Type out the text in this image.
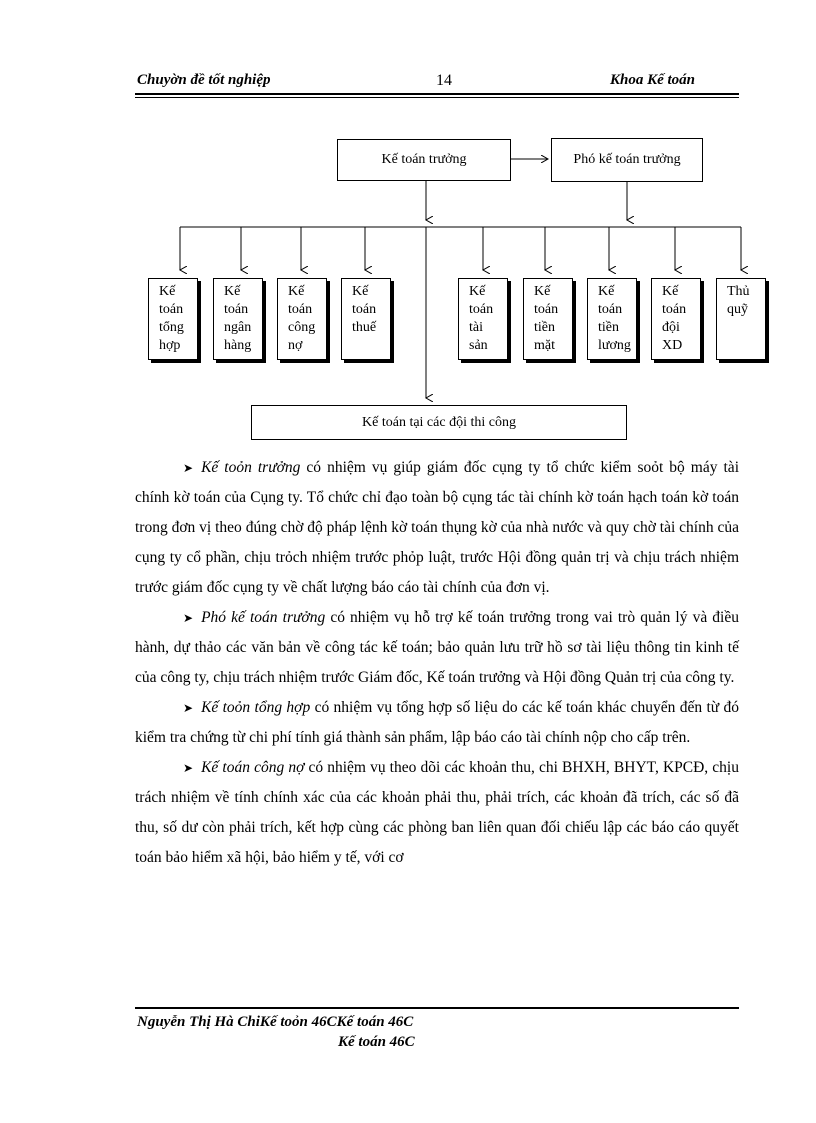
Chuyờn đề tốt nghiệp	14	Khoa Kế toán
Kế toán trưởng	Phó kế toán trưởng
Kế
toán
tổng
hợp
Kế
toán
ngân
hàng
Kế
toán
công
nợ
Kế
toán
thuế
Kế
toán
tài
sản
Kế
toán
tiền
mặt
Kế
toán
tiền
lương
Kế
toán
đội
XD
Thủ
quỹ
Kế toán tại các đội thi công

➤ Kế toỏn trưởng có nhiệm vụ giúp giám đốc cụng ty tổ chức kiểm soỏt bộ máy tài chính kờ toán của Cụng ty. Tổ chức chỉ đạo toàn bộ cụng tác tài chính kờ toán hạch toán kờ toán trong đơn vị theo đúng chờ độ pháp lệnh kờ toán thụng kờ của nhà nước và quy chờ tài chính của cụng ty cổ phần, chịu trỏch nhiệm trước phỏp luật, trước Hội đồng quản trị và chịu trách nhiệm trước giám đốc cụng ty về chất lượng báo cáo tài chính của đơn vị.

➤ Phó kế toán trưởng có nhiệm vụ hỗ trợ kế toán trưởng trong vai trò quản lý và điều hành, dự thảo các văn bản về công tác kế toán; bảo quản lưu trữ hồ sơ tài liệu thông tin kinh tế của công ty, chịu trách nhiệm trước Giám đốc, Kế toán trưởng và Hội đồng Quản trị của công ty.

➤ Kế toỏn tổng hợp có nhiệm vụ tổng hợp số liệu do các kế toán khác chuyển đến từ đó kiểm tra chứng từ chi phí tính giá thành sản phẩm, lập báo cáo tài chính nộp cho cấp trên.

➤ Kế toán công nợ có nhiệm vụ theo dõi các khoản thu, chi BHXH, BHYT, KPCĐ, chịu trách nhiệm về tính chính xác của các khoản phải thu, phải trích, các khoản đã trích, các số đã thu, số dư còn phải trích, kết hợp cùng các phòng ban liên quan đối chiếu lập các báo cáo quyết toán bảo hiểm xã hội, bảo hiểm y tế, với cơ

Nguyễn Thị Hà ChiKế toỏn 46CKế toán 46C
Kế toán 46C
